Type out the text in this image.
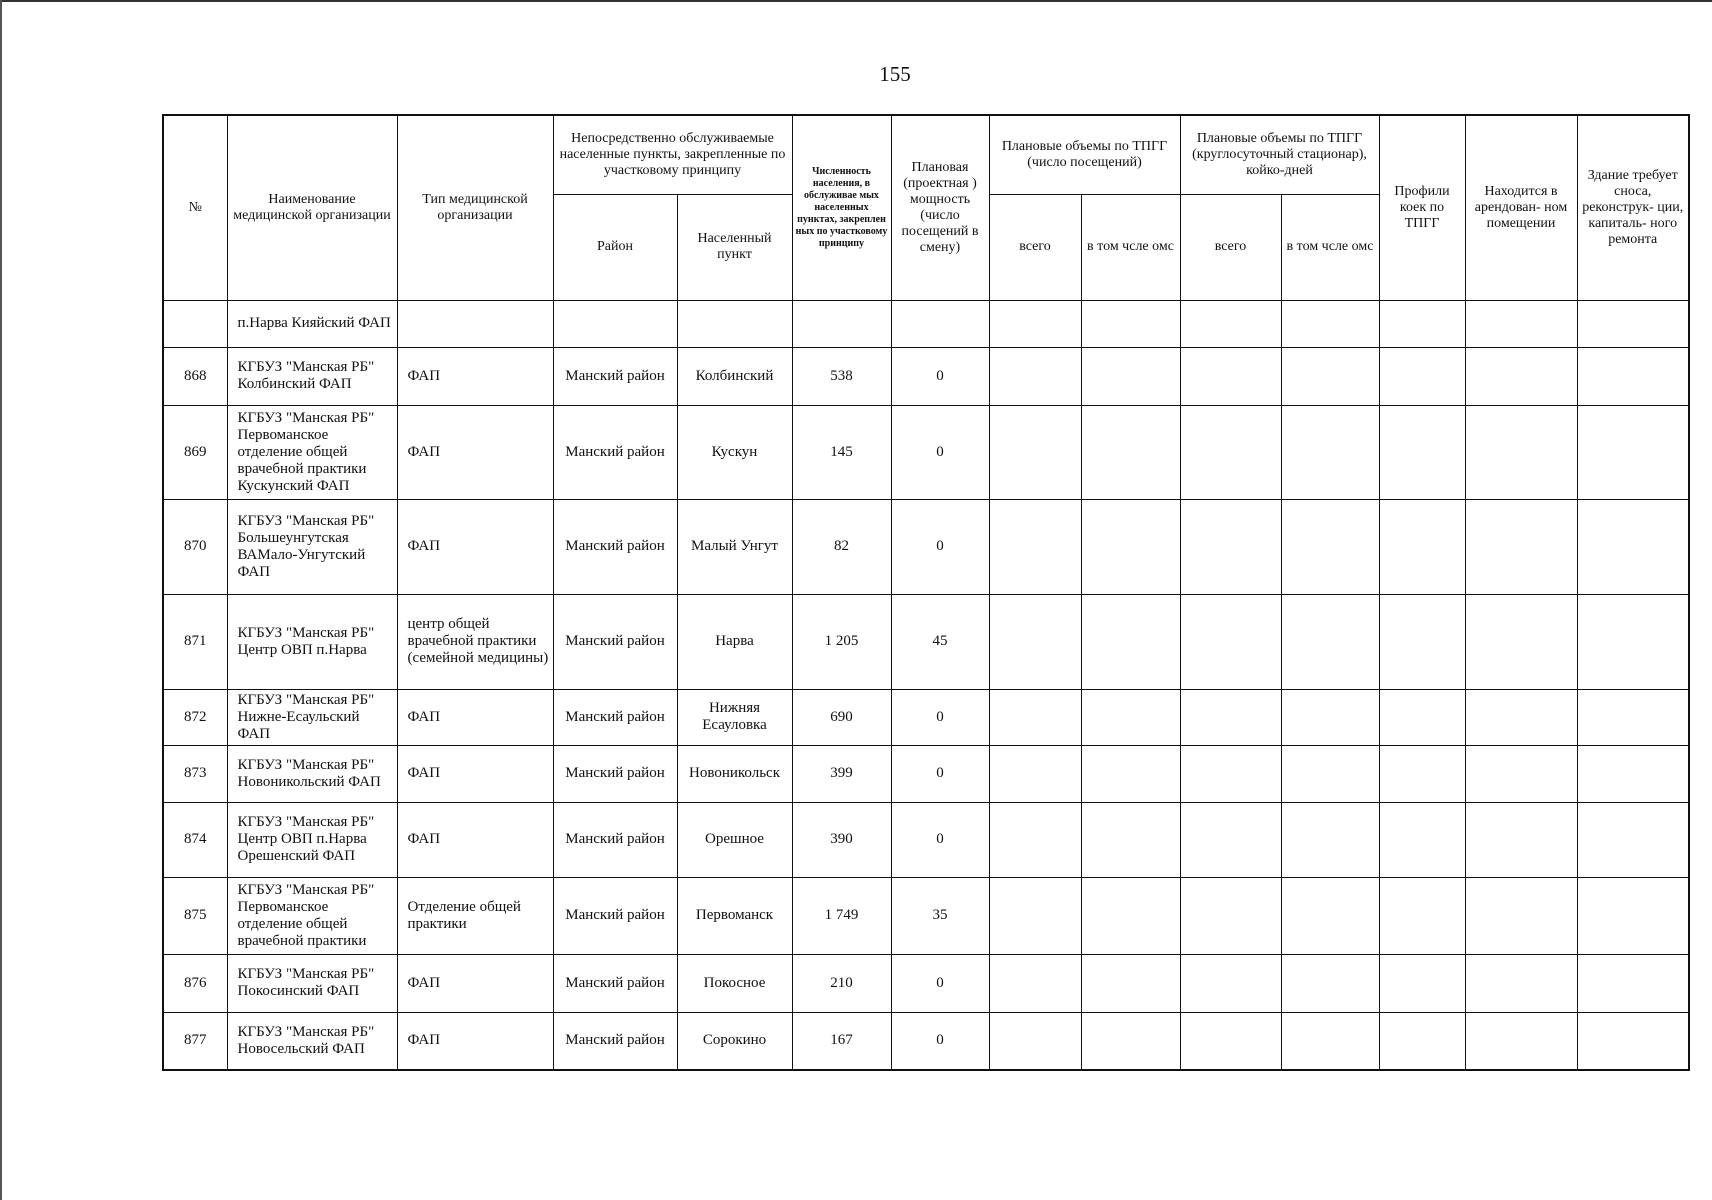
155
№	Наименование медицинской организации	Тип медицинской организации	Непосредственно обслуживаемые населенные пункты, закрепленные по участковому принципу		Численность населения, в обслуживае мых населенных пунктах, закреплен ных по участковому принципу	Плановая (проектная ) мощность (число посещений в смену)	Плановые объемы по ТПГГ (число посещений)		Плановые объемы по ТПГГ (круглосуточный стационар), койко-дней		Профили коек по ТПГГ	Находится в арендован- ном помещении	Здание требует сноса, реконструк- ции, капиталь- ного ремонта
			Район	Населенный пункт			всего	в том чсле омс	всего	в том чсле омс			
	п.Нарва Кияйский ФАП												
868	КГБУЗ "Манская РБ" Колбинский ФАП	ФАП	Манский район	Колбинский	538	0							
869	КГБУЗ "Манская РБ" Первоманское отделение общей врачебной практики Кускунский ФАП	ФАП	Манский район	Кускун	145	0							
870	КГБУЗ "Манская РБ" Большеунгутская ВАМало-Унгутский ФАП	ФАП	Манский район	Малый Унгут	82	0							
871	КГБУЗ "Манская РБ" Центр ОВП п.Нарва	центр общей врачебной практики (семейной медицины)	Манский район	Нарва	1 205	45							
872	КГБУЗ "Манская РБ" Нижне-Есаульский ФАП	ФАП	Манский район	Нижняя Есауловка	690	0							
873	КГБУЗ "Манская РБ" Новоникольский ФАП	ФАП	Манский район	Новоникольск	399	0							
874	КГБУЗ "Манская РБ" Центр ОВП п.Нарва Орешенский ФАП	ФАП	Манский район	Орешное	390	0							
875	КГБУЗ "Манская РБ" Первоманское отделение общей врачебной практики	Отделение общей практики	Манский район	Первоманск	1 749	35							
876	КГБУЗ "Манская РБ" Покосинский ФАП	ФАП	Манский район	Покосное	210	0							
877	КГБУЗ "Манская РБ" Новосельский ФАП	ФАП	Манский район	Сорокино	167	0							
